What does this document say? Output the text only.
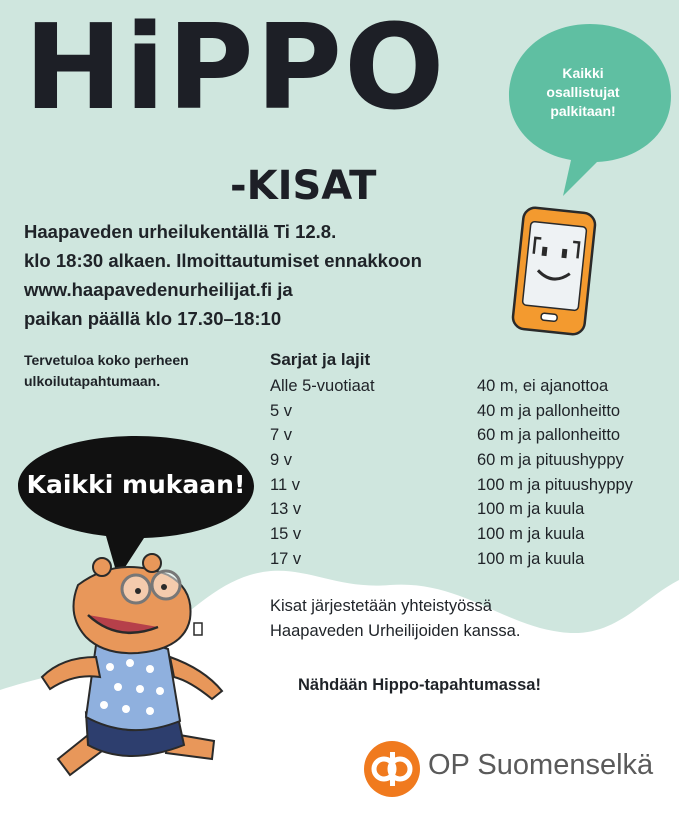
HiPPO
-KISAT
Kaikki
osallistujat
palkitaan!
Haapaveden urheilukentällä Ti 12.8.
klo 18:30 alkaen. Ilmoittautumiset ennakkoon
www.haapavedenurheilijat.fi ja
paikan päällä klo 17.30–18:10
Tervetuloa koko perheen
ulkoilutapahtumaan.
Sarjat ja lajit
Alle 5-vuotiaat	40 m, ei ajanottoa
5 v	40 m ja pallonheitto
7 v	60 m ja pallonheitto
9 v	60 m ja pituushyppy
11 v	100 m ja pituushyppy
13 v	100 m ja kuula
15 v	100 m ja kuula
17 v	100 m ja kuula
Kaikki mukaan!
Kisat järjestetään yhteistyössä
Haapaveden Urheilijoiden kanssa.
Nähdään Hippo-tapahtumassa!
OP Suomenselkä
